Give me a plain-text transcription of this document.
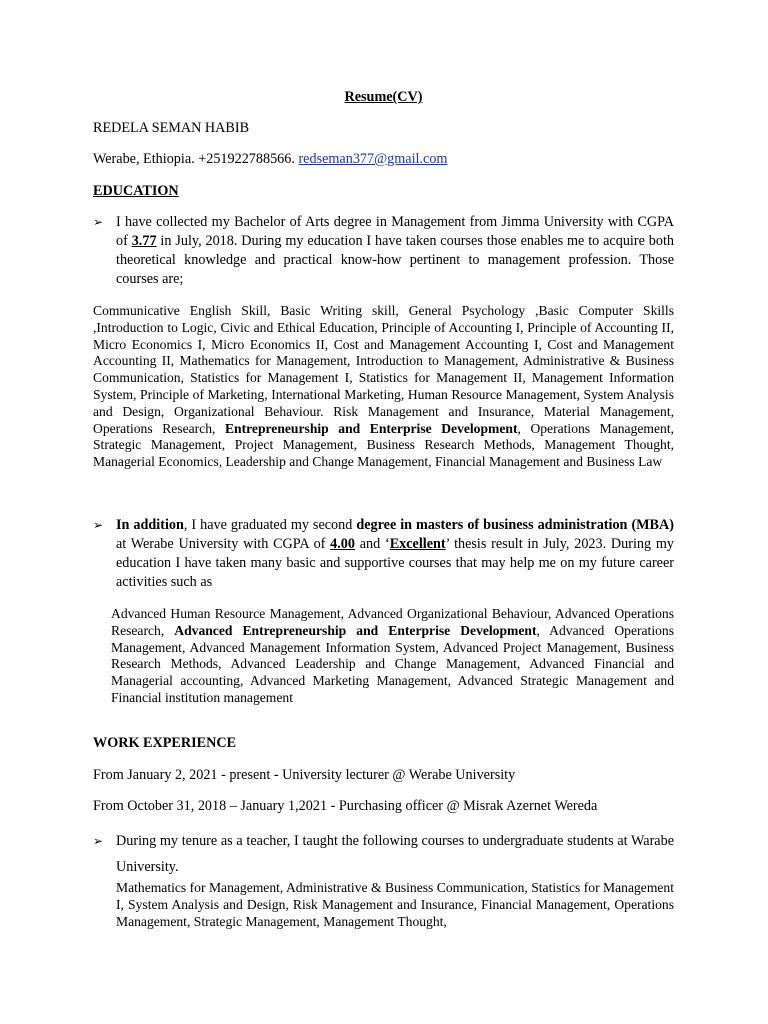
Resume(CV)
REDELA SEMAN HABIB
Werabe, Ethiopia. +251922788566. redseman377@gmail.com
EDUCATION
➢ I have collected my Bachelor of Arts degree in Management from Jimma University with CGPA of 3.77 in July, 2018. During my education I have taken courses those enables me to acquire both theoretical knowledge and practical know-how pertinent to management profession. Those courses are;
Communicative English Skill, Basic Writing skill, General Psychology ,Basic Computer Skills ,Introduction to Logic, Civic and Ethical Education, Principle of Accounting I, Principle of Accounting II, Micro Economics I, Micro Economics II, Cost and Management Accounting I, Cost and Management Accounting II, Mathematics for Management, Introduction to Management, Administrative & Business Communication, Statistics for Management I, Statistics for Management II, Management Information System, Principle of Marketing, International Marketing, Human Resource Management, System Analysis and Design, Organizational Behaviour. Risk Management and Insurance, Material Management, Operations Research, Entrepreneurship and Enterprise Development, Operations Management, Strategic Management, Project Management, Business Research Methods, Management Thought, Managerial Economics, Leadership and Change Management, Financial Management and Business Law
➢ In addition, I have graduated my second degree in masters of business administration (MBA) at Werabe University with CGPA of 4.00 and ‘Excellent’ thesis result in July, 2023. During my education I have taken many basic and supportive courses that may help me on my future career activities such as
Advanced Human Resource Management, Advanced Organizational Behaviour, Advanced Operations Research, Advanced Entrepreneurship and Enterprise Development, Advanced Operations Management, Advanced Management Information System, Advanced Project Management, Business Research Methods, Advanced Leadership and Change Management, Advanced Financial and Managerial accounting, Advanced Marketing Management, Advanced Strategic Management and Financial institution management
WORK EXPERIENCE
From January 2, 2021 - present - University lecturer @ Werabe University
From October 31, 2018 – January 1,2021 - Purchasing officer @ Misrak Azernet Wereda
➢ During my tenure as a teacher, I taught the following courses to undergraduate students at Warabe University.
Mathematics for Management, Administrative & Business Communication, Statistics for Management I, System Analysis and Design, Risk Management and Insurance, Financial Management, Operations Management, Strategic Management, Management Thought,
